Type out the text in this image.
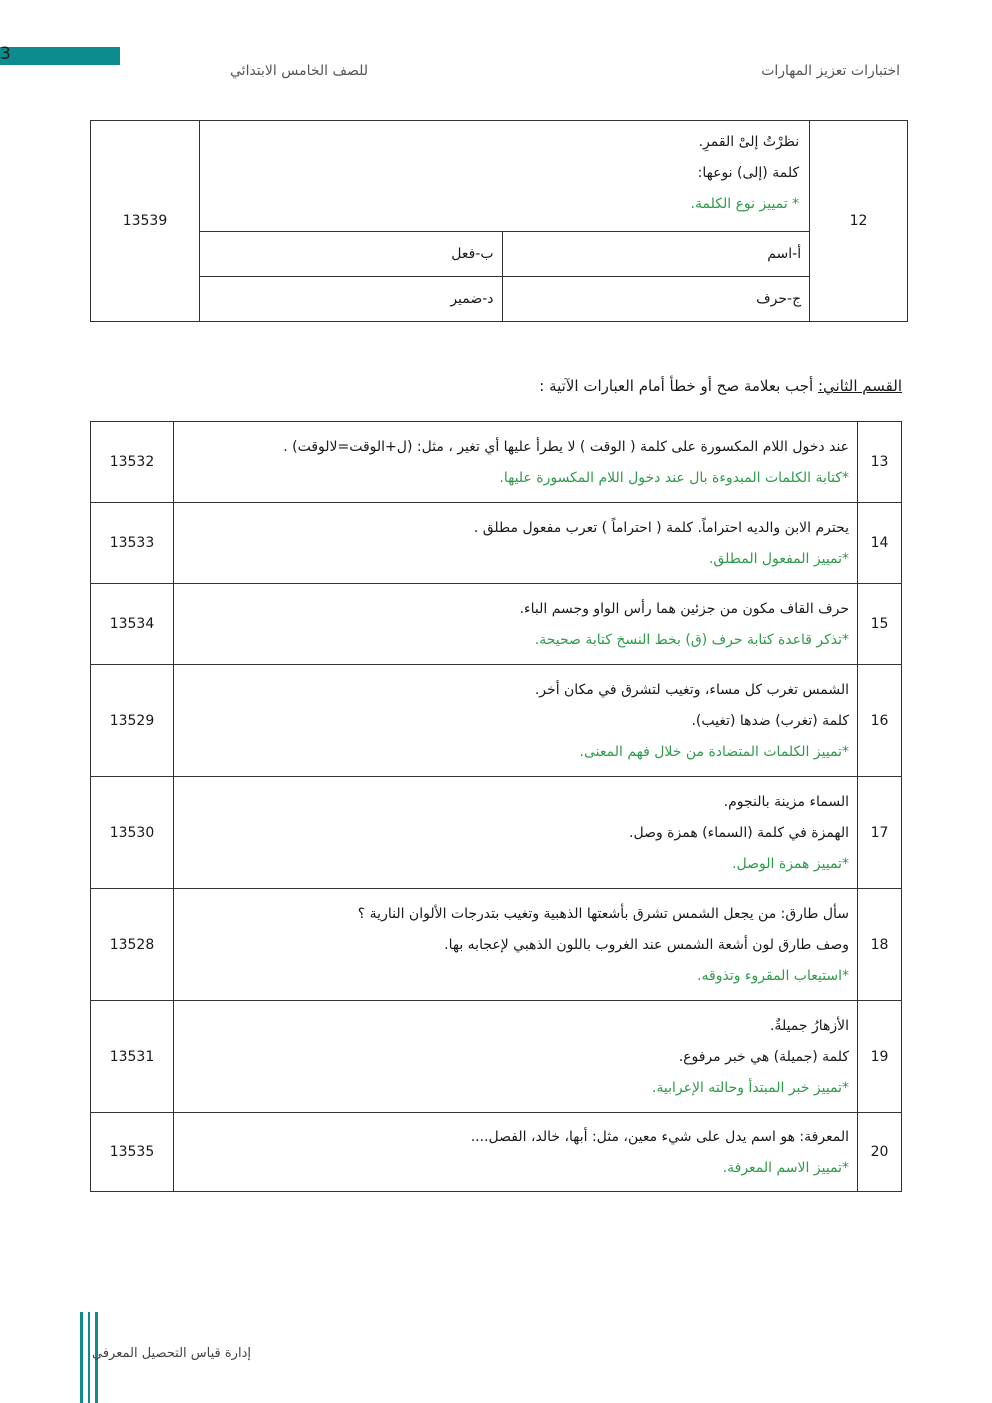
3
للصف الخامس الابتدائي	اختبارات تعزيز المهارات
12	نظرْتُ إلىْ القمرِ.
كلمة (إلى) نوعها:
* تمييز نوع الكلمة.		13539
	أ-اسم	ب-فعل	
	ج-حرف	د-ضمير	
القسم الثاني: أجب بعلامة صح أو خطأ أمام العبارات الآتية :
13	عند دخول اللام المكسورة على كلمة ( الوقت ) لا يطرأ عليها أي تغير ، مثل: (ل+الوقت=لالوقت) .
*كتابة الكلمات المبدوءة بال عند دخول اللام المكسورة عليها.	13532
14	يحترم الابن والديه احتراماً. كلمة ( احتراماً ) تعرب مفعول مطلق .
*تمييز المفعول المطلق.	13533
15	حرف القاف مكون من جزئين هما رأس الواو وجسم الباء.
*تذكر قاعدة كتابة حرف (ق) بخط النسخ كتابة صحيحة.	13534
16	الشمس تغرب كل مساء، وتغيب لتشرق في مكان أخر.
كلمة (تغرب) ضدها (تغيب).
*تمييز الكلمات المتضادة من خلال فهم المعنى.	13529
17	السماء مزينة بالنجوم.
الهمزة في كلمة (السماء) همزة وصل.
*تمييز همزة الوصل.	13530
18	سأل طارق: من يجعل الشمس تشرق بأشعتها الذهبية وتغيب بتدرجات الألوان النارية ؟
وصف طارق لون أشعة الشمس عند الغروب باللون الذهبي لإعجابه بها.
*استيعاب المقروء وتذوقه.	13528
19	الأزهارُ جميلةٌ.
كلمة (جميلة) هي خبر مرفوع.
*تمييز خبر المبتدأ وحالته الإعرابية.	13531
20	المعرفة: هو اسم يدل على شيء معين، مثل: أبها، خالد، الفصل....
*تمييز الاسم المعرفة.	13535
إدارة قياس التحصيل المعرفي
